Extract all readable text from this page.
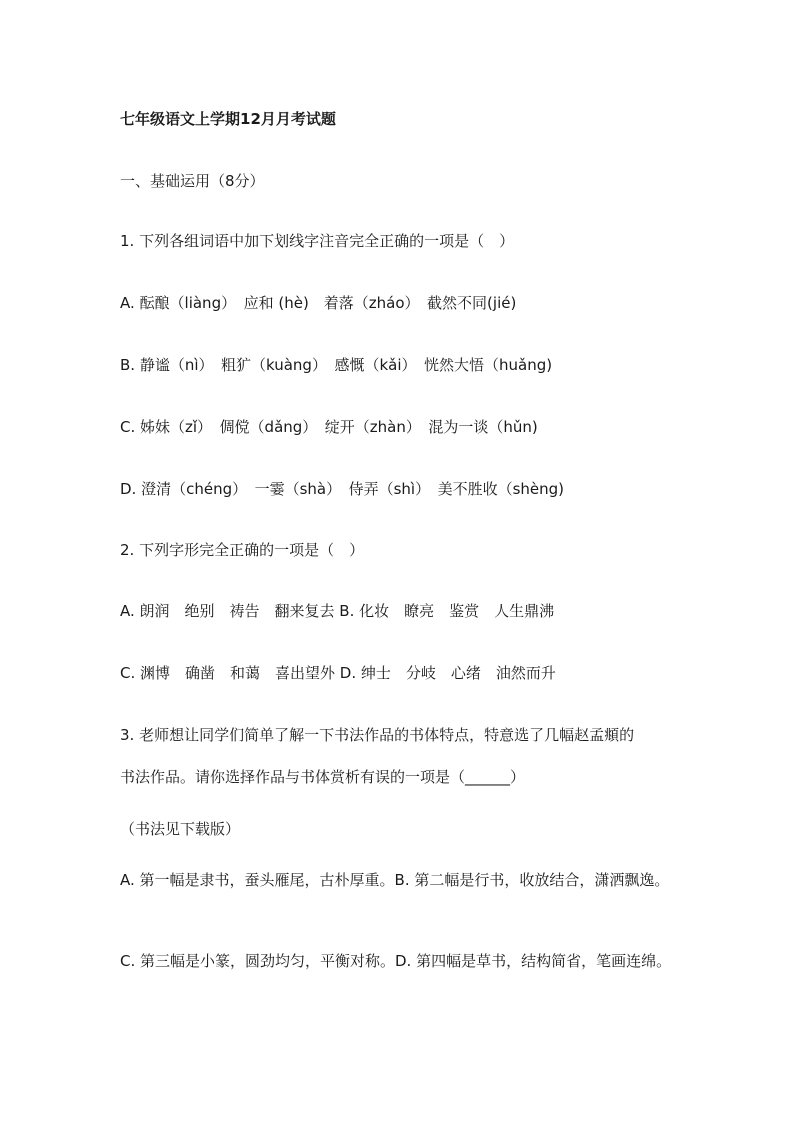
七年级语文上学期12月月考试题
一、基础运用（8分）
1. 下列各组词语中加下划线字注音完全正确的一项是（　）
A. 酝酿（liàng）　应和 (hè)　着落（zháo）　截然不同(jié)
B. 静谧（nì）　粗犷（kuàng）　感慨（kǎi）　恍然大悟（huǎng)
C. 姊妹（zǐ）　倜傥（dǎng）　绽开（zhàn）　混为一谈（hǔn)
D. 澄清（chéng）　一霎（shà）　侍弄（shì）　美不胜收（shèng)
2. 下列字形完全正确的一项是（　）
A. 朗润　绝别　祷告　翻来复去 B. 化妆　瞭亮　鉴赏　人生鼎沸
C. 渊博　确凿　和蔼　喜出望外 D. 绅士　分岐　心绪　油然而升
3. 老师想让同学们简单了解一下书法作品的书体特点，特意选了几幅赵孟頫的
书法作品。请你选择作品与书体赏析有误的一项是（______）
（书法见下载版）
A. 第一幅是隶书，蚕头雁尾，古朴厚重。B. 第二幅是行书，收放结合，潇洒飘逸。
C. 第三幅是小篆，圆劲均匀，平衡对称。D. 第四幅是草书，结构简省，笔画连绵。
